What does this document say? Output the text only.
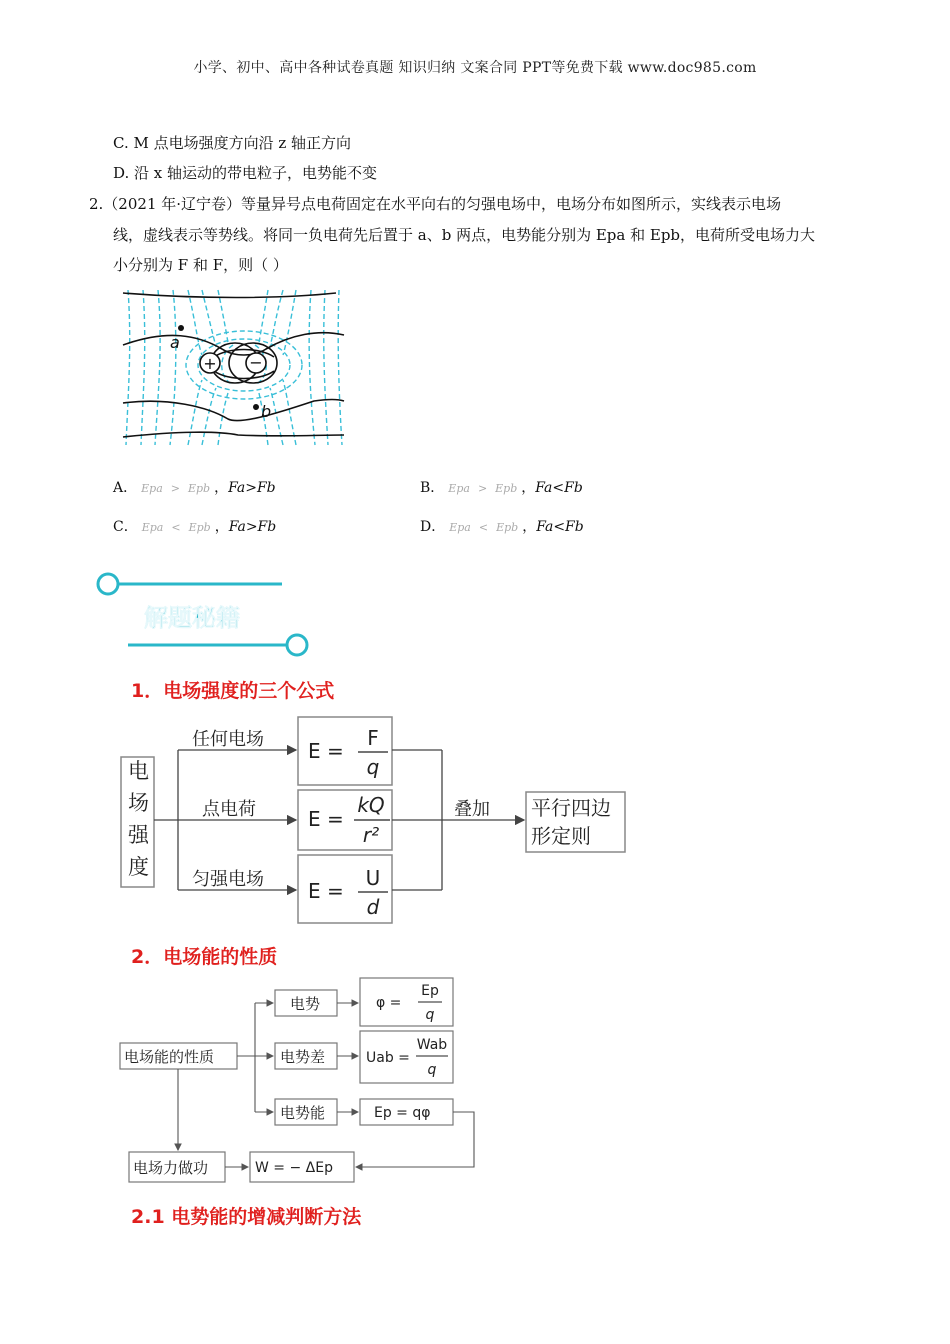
小学、初中、高中各种试卷真题 知识归纳 文案合同 PPT等免费下载 www.doc985.com
C. M 点电场强度方向沿 z 轴正方向
D. 沿 x 轴运动的带电粒子，电势能不变
2.（2021 年·辽宁卷）等量异号点电荷固定在水平向右的匀强电场中，电场分布如图所示，实线表示电场
线，虚线表示等势线。将同一负电荷先后置于 a、b 两点，电势能分别为 Epa 和 Epb，电荷所受电场力大
小分别为 F 和 F，则（ ）
+ −
a
b
A． Epa > Epb ，Fa>Fb	B． Epa > Epb ，Fa<Fb
C． Epa < Epb ，Fa>Fb	D． Epa < Epb ，Fa<Fb
解题秘籍
1．电场强度的三个公式
电
场
强
度
任何电场
点电荷
匀强电场
叠加
E =
F
q
E =
kQ
r²
E =
U
d
平行四边
形定则
2．电场能的性质
电场能的性质
电势
电势差
电势能
电场力做功
φ =
Ep
q
Uab =
Wab
q
Ep = qφ
W = − ΔEp
2.1 电势能的增减判断方法
